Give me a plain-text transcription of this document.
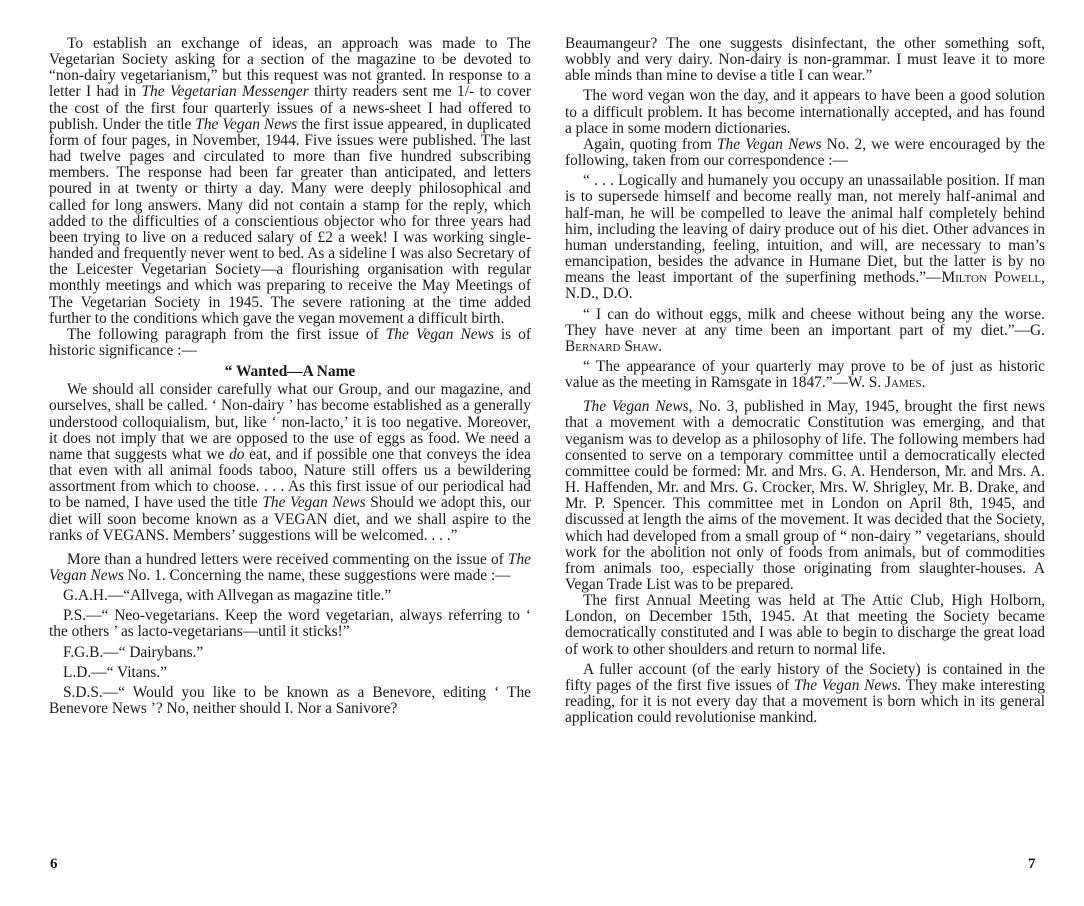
To establish an exchange of ideas, an approach was made to The Vegetarian Society asking for a section of the magazine to be devoted to “non-dairy vegetarianism,” but this request was not granted. In response to a letter I had in The Vegetarian Messenger thirty readers sent me 1/- to cover the cost of the first four quarterly issues of a news-sheet I had offered to publish. Under the title The Vegan News the first issue appeared, in duplicated form of four pages, in November, 1944. Five issues were published. The last had twelve pages and circulated to more than five hundred subscribing members. The response had been far greater than anticipated, and letters poured in at twenty or thirty a day. Many were deeply philosophical and called for long answers. Many did not contain a stamp for the reply, which added to the difficulties of a conscientious objector who for three years had been trying to live on a reduced salary of £2 a week! I was working single-handed and frequently never went to bed. As a sideline I was also Secretary of the Leicester Vegetarian Society—a flourishing organisation with regular monthly meetings and which was preparing to receive the May Meetings of The Vegetarian Society in 1945. The severe rationing at the time added further to the conditions which gave the vegan movement a difficult birth.

The following paragraph from the first issue of The Vegan News is of historic significance :—

“ Wanted—A Name

We should all consider carefully what our Group, and our magazine, and ourselves, shall be called. ‘ Non-dairy ’ has become established as a generally understood colloquialism, but, like ‘ non-lacto,’ it is too negative. Moreover, it does not imply that we are opposed to the use of eggs as food. We need a name that suggests what we do eat, and if possible one that conveys the idea that even with all animal foods taboo, Nature still offers us a bewildering assortment from which to choose. . . . As this first issue of our periodical had to be named, I have used the title The Vegan News Should we adopt this, our diet will soon become known as a VEGAN diet, and we shall aspire to the ranks of VEGANS. Members’ suggestions will be welcomed. . . .”

More than a hundred letters were received commenting on the issue of The Vegan News No. 1. Concerning the name, these suggestions were made :—

G.A.H.—“Allvega, with Allvegan as magazine title.”

P.S.—“ Neo-vegetarians. Keep the word vegetarian, always referring to ‘ the others ’ as lacto-vegetarians—until it sticks!”

F.G.B.—“ Dairybans.”

L.D.—“ Vitans.”

S.D.S.—“ Would you like to be known as a Benevore, editing ‘ The Benevore News ’? No, neither should I. Nor a Sanivore?

Beaumangeur? The one suggests disinfectant, the other something soft, wobbly and very dairy. Non-dairy is non-grammar. I must leave it to more able minds than mine to devise a title I can wear.”

The word vegan won the day, and it appears to have been a good solution to a difficult problem. It has become internationally accepted, and has found a place in some modern dictionaries.

Again, quoting from The Vegan News No. 2, we were encouraged by the following, taken from our correspondence :—

“ . . . Logically and humanely you occupy an unassailable position. If man is to supersede himself and become really man, not merely half-animal and half-man, he will be compelled to leave the animal half completely behind him, including the leaving of dairy produce out of his diet. Other advances in human understanding, feeling, intuition, and will, are necessary to man’s emancipation, besides the advance in Humane Diet, but the latter is by no means the least important of the superfining methods.”—Milton Powell, N.D., D.O.

“ I can do without eggs, milk and cheese without being any the worse. They have never at any time been an important part of my diet.”—G. Bernard Shaw.

“ The appearance of your quarterly may prove to be of just as historic value as the meeting in Ramsgate in 1847.”—W. S. James.

The Vegan News, No. 3, published in May, 1945, brought the first news that a movement with a democratic Constitution was emerging, and that veganism was to develop as a philosophy of life. The following members had consented to serve on a temporary committee until a democratically elected committee could be formed: Mr. and Mrs. G. A. Henderson, Mr. and Mrs. A. H. Haffenden, Mr. and Mrs. G. Crocker, Mrs. W. Shrigley, Mr. B. Drake, and Mr. P. Spencer. This committee met in London on April 8th, 1945, and discussed at length the aims of the movement. It was decided that the Society, which had developed from a small group of “ non-dairy ” vegetarians, should work for the abolition not only of foods from animals, but of commodities from animals too, especially those originating from slaughter-houses. A Vegan Trade List was to be prepared.

The first Annual Meeting was held at The Attic Club, High Holborn, London, on December 15th, 1945. At that meeting the Society became democratically constituted and I was able to begin to discharge the great load of work to other shoulders and return to normal life.

A fuller account (of the early history of the Society) is contained in the fifty pages of the first five issues of The Vegan News. They make interesting reading, for it is not every day that a movement is born which in its general application could revolutionise mankind.

6	7
